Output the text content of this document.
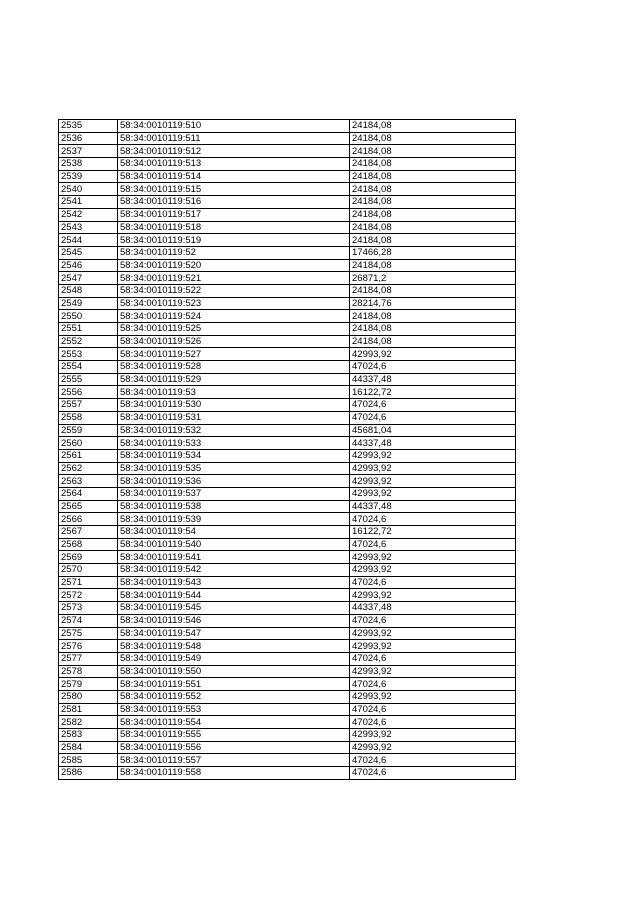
2535	58:34:0010119:510	24184,08
2536	58:34:0010119:511	24184,08
2537	58:34:0010119:512	24184,08
2538	58:34:0010119:513	24184,08
2539	58:34:0010119:514	24184,08
2540	58:34:0010119:515	24184,08
2541	58:34:0010119:516	24184,08
2542	58:34:0010119:517	24184,08
2543	58:34:0010119:518	24184,08
2544	58:34:0010119:519	24184,08
2545	58:34:0010119:52	17466,28
2546	58:34:0010119:520	24184,08
2547	58:34:0010119:521	26871,2
2548	58:34:0010119:522	24184,08
2549	58:34:0010119:523	28214,76
2550	58:34:0010119:524	24184,08
2551	58:34:0010119:525	24184,08
2552	58:34:0010119:526	24184,08
2553	58:34:0010119:527	42993,92
2554	58:34:0010119:528	47024,6
2555	58:34:0010119:529	44337,48
2556	58:34:0010119:53	16122,72
2557	58:34:0010119:530	47024,6
2558	58:34:0010119:531	47024,6
2559	58:34:0010119:532	45681,04
2560	58:34:0010119:533	44337,48
2561	58:34:0010119:534	42993,92
2562	58:34:0010119:535	42993,92
2563	58:34:0010119:536	42993,92
2564	58:34:0010119:537	42993,92
2565	58:34:0010119:538	44337,48
2566	58:34:0010119:539	47024,6
2567	58:34:0010119:54	16122,72
2568	58:34:0010119:540	47024,6
2569	58:34:0010119:541	42993,92
2570	58:34:0010119:542	42993,92
2571	58:34:0010119:543	47024,6
2572	58:34:0010119:544	42993,92
2573	58:34:0010119:545	44337,48
2574	58:34:0010119:546	47024,6
2575	58:34:0010119:547	42993,92
2576	58:34:0010119:548	42993,92
2577	58:34:0010119:549	47024,6
2578	58:34:0010119:550	42993,92
2579	58:34:0010119:551	47024,6
2580	58:34:0010119:552	42993,92
2581	58:34:0010119:553	47024,6
2582	58:34:0010119:554	47024,6
2583	58:34:0010119:555	42993,92
2584	58:34:0010119:556	42993,92
2585	58:34:0010119:557	47024,6
2586	58:34:0010119:558	47024,6
